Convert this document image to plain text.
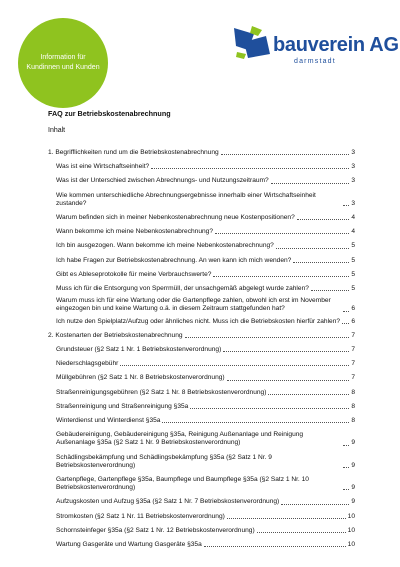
Information für Kundinnen und Kunden
bauverein AG
darmstadt
FAQ zur Betriebskostenabrechnung
Inhalt
1. Begrifflichkeiten rund um die Betriebskostenabrechnung	3
Was ist eine Wirtschaftseinheit?	3
Was ist der Unterschied zwischen Abrechnungs- und Nutzungszeitraum?	3
Wie kommen unterschiedliche Abrechnungsergebnisse innerhalb einer Wirtschaftseinheit zustande?	3
Warum befinden sich in meiner Nebenkostenabrechnung neue Kostenpositionen?	4
Wann bekomme ich meine Nebenkostenabrechnung?	4
Ich bin ausgezogen. Wann bekomme ich meine Nebenkostenabrechnung?	5
Ich habe Fragen zur Betriebskostenabrechnung. An wen kann ich mich wenden?	5
Gibt es Ableseprotokolle für meine Verbrauchswerte?	5
Muss ich für die Entsorgung von Sperrmüll, der unsachgemäß abgelegt wurde zahlen?	5
Warum muss ich für eine Wartung oder die Gartenpflege zahlen, obwohl ich erst im November eingezogen bin und keine Wartung o.ä. in diesem Zeitraum stattgefunden hat?	6
Ich nutze den Spielplatz/Aufzug oder ähnliches nicht. Muss ich die Betriebskosten hierfür zahlen? 6
2. Kostenarten der Betriebskostenabrechnung	7
Grundsteuer (§2 Satz 1 Nr. 1 Betriebskostenverordnung)	7
Niederschlagsgebühr	7
Müllgebühren (§2 Satz 1 Nr. 8 Betriebskostenverordnung)	7
Straßenreinigungsgebühren (§2 Satz 1 Nr. 8 Betriebskostenverordnung)	8
Straßenreinigung und Straßenreinigung §35a	8
Winterdienst und Winterdienst §35a	8
Gebäudereinigung, Gebäudereinigung §35a, Reinigung Außenanlage und Reinigung Außenanlage §35a (§2 Satz 1 Nr. 9 Betriebskostenverordnung)	9
Schädlingsbekämpfung und Schädlingsbekämpfung §35a (§2 Satz 1 Nr. 9 Betriebskostenverordnung)	9
Gartenpflege, Gartenpflege §35a, Baumpflege und Baumpflege §35a (§2 Satz 1 Nr. 10 Betriebskostenverordnung)	9
Aufzugskosten und Aufzug §35a (§2 Satz 1 Nr. 7 Betriebskostenverordnung)	9
Stromkosten (§2 Satz 1 Nr. 11 Betriebskostenverordnung)	10
Schornsteinfeger §35a (§2 Satz 1 Nr. 12 Betriebskostenverordnung)	10
Wartung Gasgeräte und Wartung Gasgeräte §35a	10
